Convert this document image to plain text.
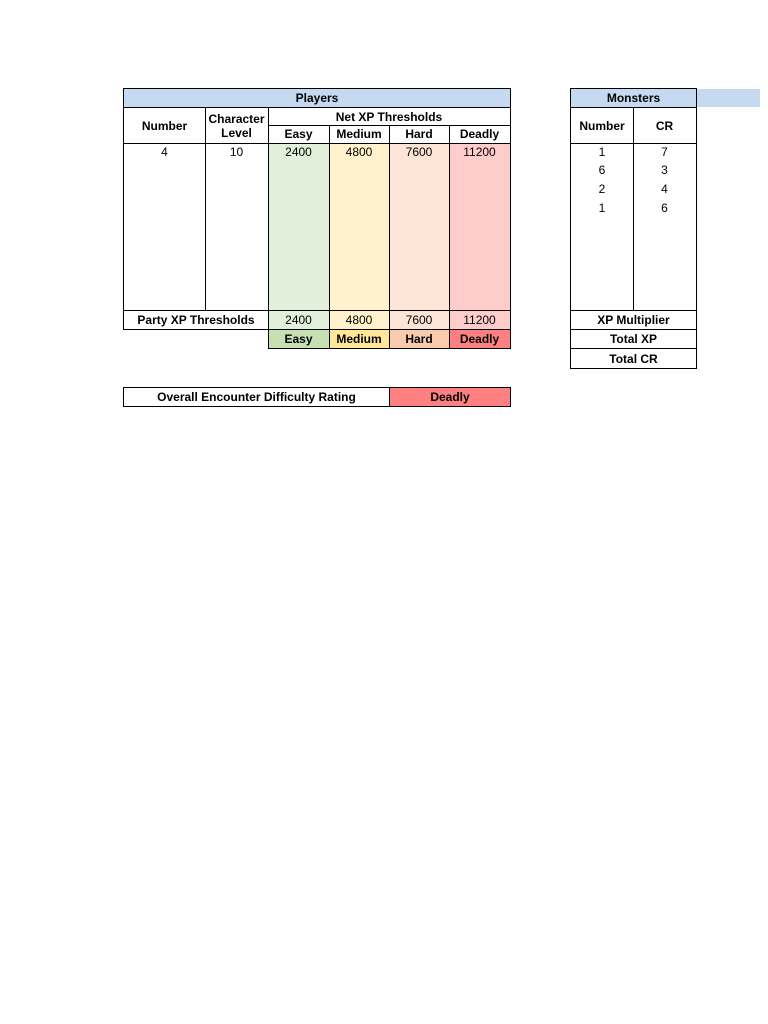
Players
Number	Character Level
Net XP Thresholds
Easy	Medium	Hard	Deadly
4	10	2400	4800	7600	11200
Party XP Thresholds	2400	4800	7600	11200
Easy	Medium	Hard	Deadly
Monsters
Number	CR
1	7
6	3
2	4
1	6
XP Multiplier
Total XP
Total CR
Overall Encounter Difficulty Rating	Deadly
